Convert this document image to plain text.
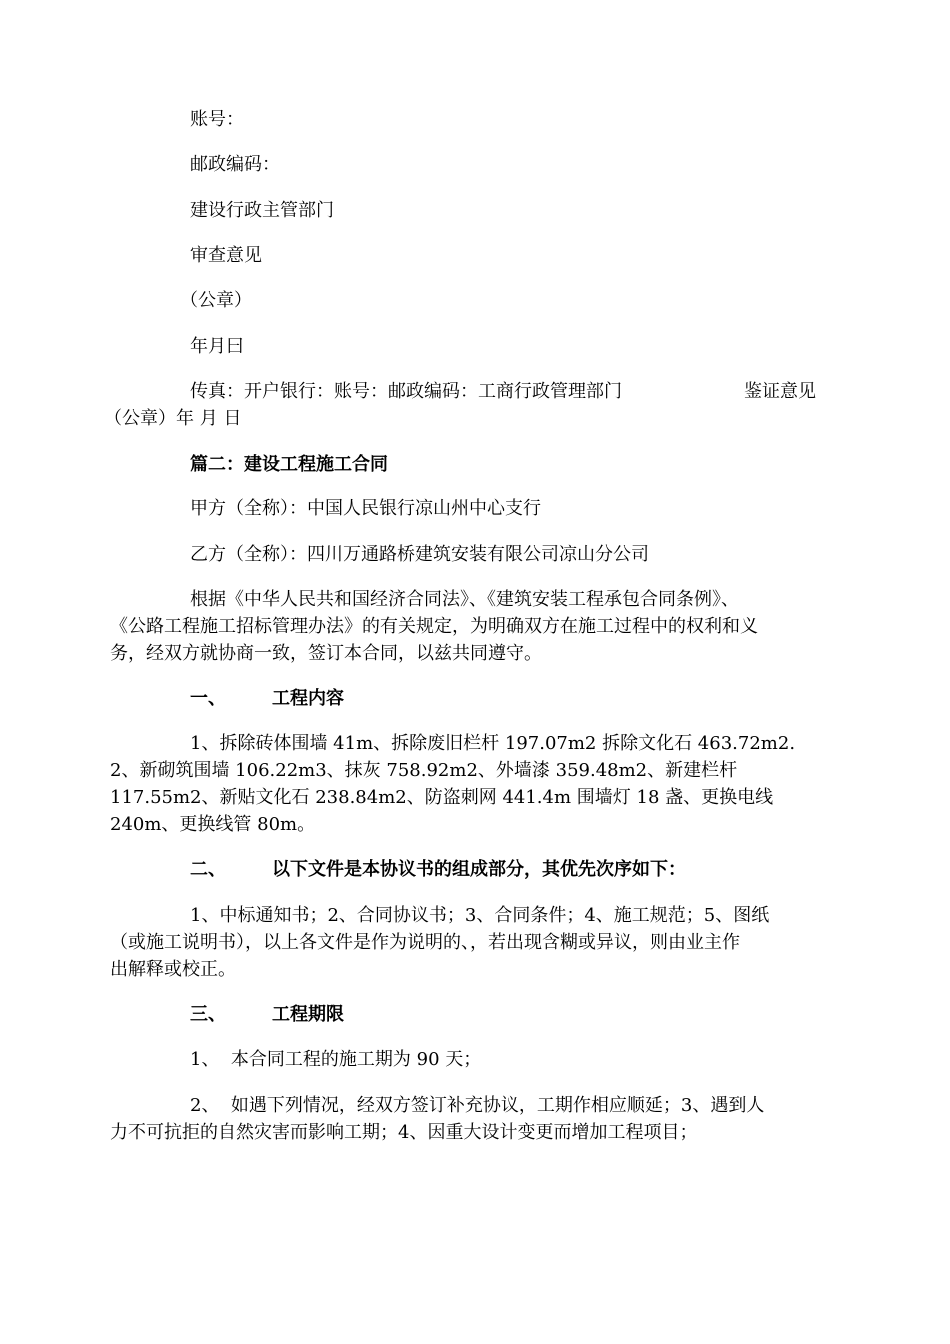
账号：
邮政编码：
建设行政主管部门
审查意见
（公章）
年月曰
传真：开户银行：账号：邮政编码：工商行政管理部门	鉴证意见
（公章）年 月 日
篇二：建设工程施工合同
甲方（全称）：中国人民银行凉山州中心支行
乙方（全称）：四川万通路桥建筑安装有限公司凉山分公司
根据《中华人民共和国经济合同法》、《建筑安装工程承包合同条例》、
《公路工程施工招标管理办法》的有关规定，为明确双方在施工过程中的权利和义
务，经双方就协商一致，签订本合同，以兹共同遵守。
一、	工程内容
1、拆除砖体围墙 41m、拆除废旧栏杆 197.07m2 拆除文化石 463.72m2.
2、新砌筑围墙 106.22m3、抹灰 758.92m2、外墙漆 359.48m2、新建栏杆
117.55m2、新贴文化石 238.84m2、防盗刺网 441.4m 围墙灯 18 盏、更换电线
240m、更换线管 80m。
二、	以下文件是本协议书的组成部分，其优先次序如下：
1、中标通知书；2、合同协议书；3、合同条件；4、施工规范；5、图纸
（或施工说明书），以上各文件是作为说明的、，若出现含糊或异议，则由业主作
出解释或校正。
三、	工程期限
1、  本合同工程的施工期为 90 天；
2、  如遇下列情况，经双方签订补充协议，工期作相应顺延；3、遇到人
力不可抗拒的自然灾害而影响工期；4、因重大设计变更而增加工程项目；
